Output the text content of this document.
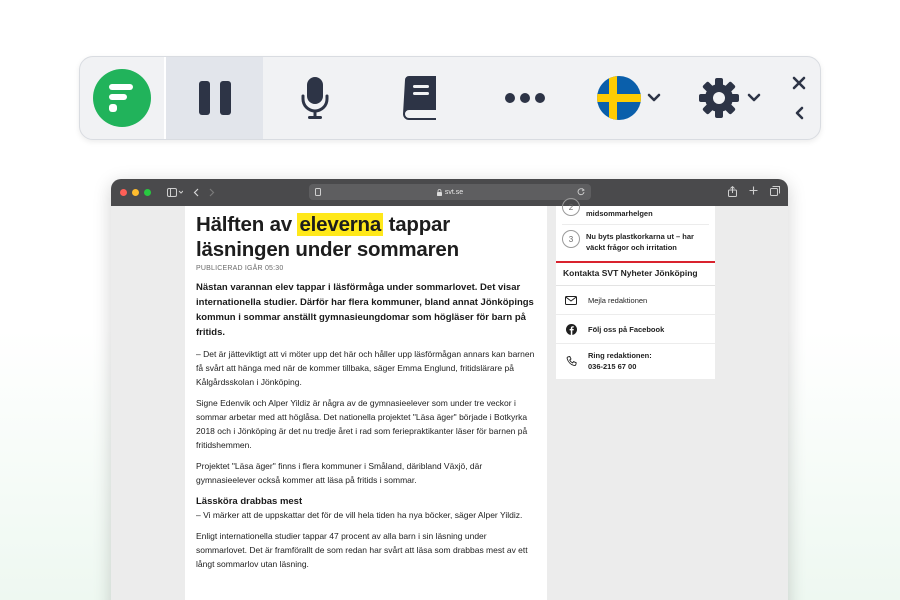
svt.se
Hälften av eleverna tappar läsningen under sommaren
PUBLICERAD IGÅR 05:30

Nästan varannan elev tappar i läsförmåga under sommarlovet. Det visar internationella studier. Därför har flera kommuner, bland annat Jönköpings kommun i sommar anställt gymnasieungdomar som högläser för barn på fritids.

– Det är jätteviktigt att vi möter upp det här och håller upp läsförmågan annars kan barnen få svårt att hänga med när de kommer tillbaka, säger Emma Englund, fritidslärare på Kålgårdsskolan i Jönköping.

Signe Edenvik och Alper Yildiz är några av de gymnasieelever som under tre veckor i sommar arbetar med att höglåsa. Det nationella projektet "Läsa äger" började i Botkyrka 2018 och i Jönköping är det nu tredje året i rad som feriepraktikanter läser för barnen på fritidshemmen.

Projektet "Läsa äger" finns i flera kommuner i Småland, däribland Växjö, där gymnasieelever också kommer att läsa på fritids i sommar.

Lässköra drabbas mest

– Vi märker att de uppskattar det för de vill hela tiden ha nya böcker, säger Alper Yildiz.

Enligt internationella studier tappar 47 procent av alla barn i sin läsning under sommarlovet. Det är framförallt de som redan har svårt att läsa som drabbas mest av ett långt sommarlov utan läsning.

2
midsommarhelgen
3	Nu byts plastkorkarna ut – har väckt frågor och irritation
Kontakta SVT Nyheter Jönköping
Mejla redaktionen
Följ oss på Facebook
Ring redaktionen:
036-215 67 00
